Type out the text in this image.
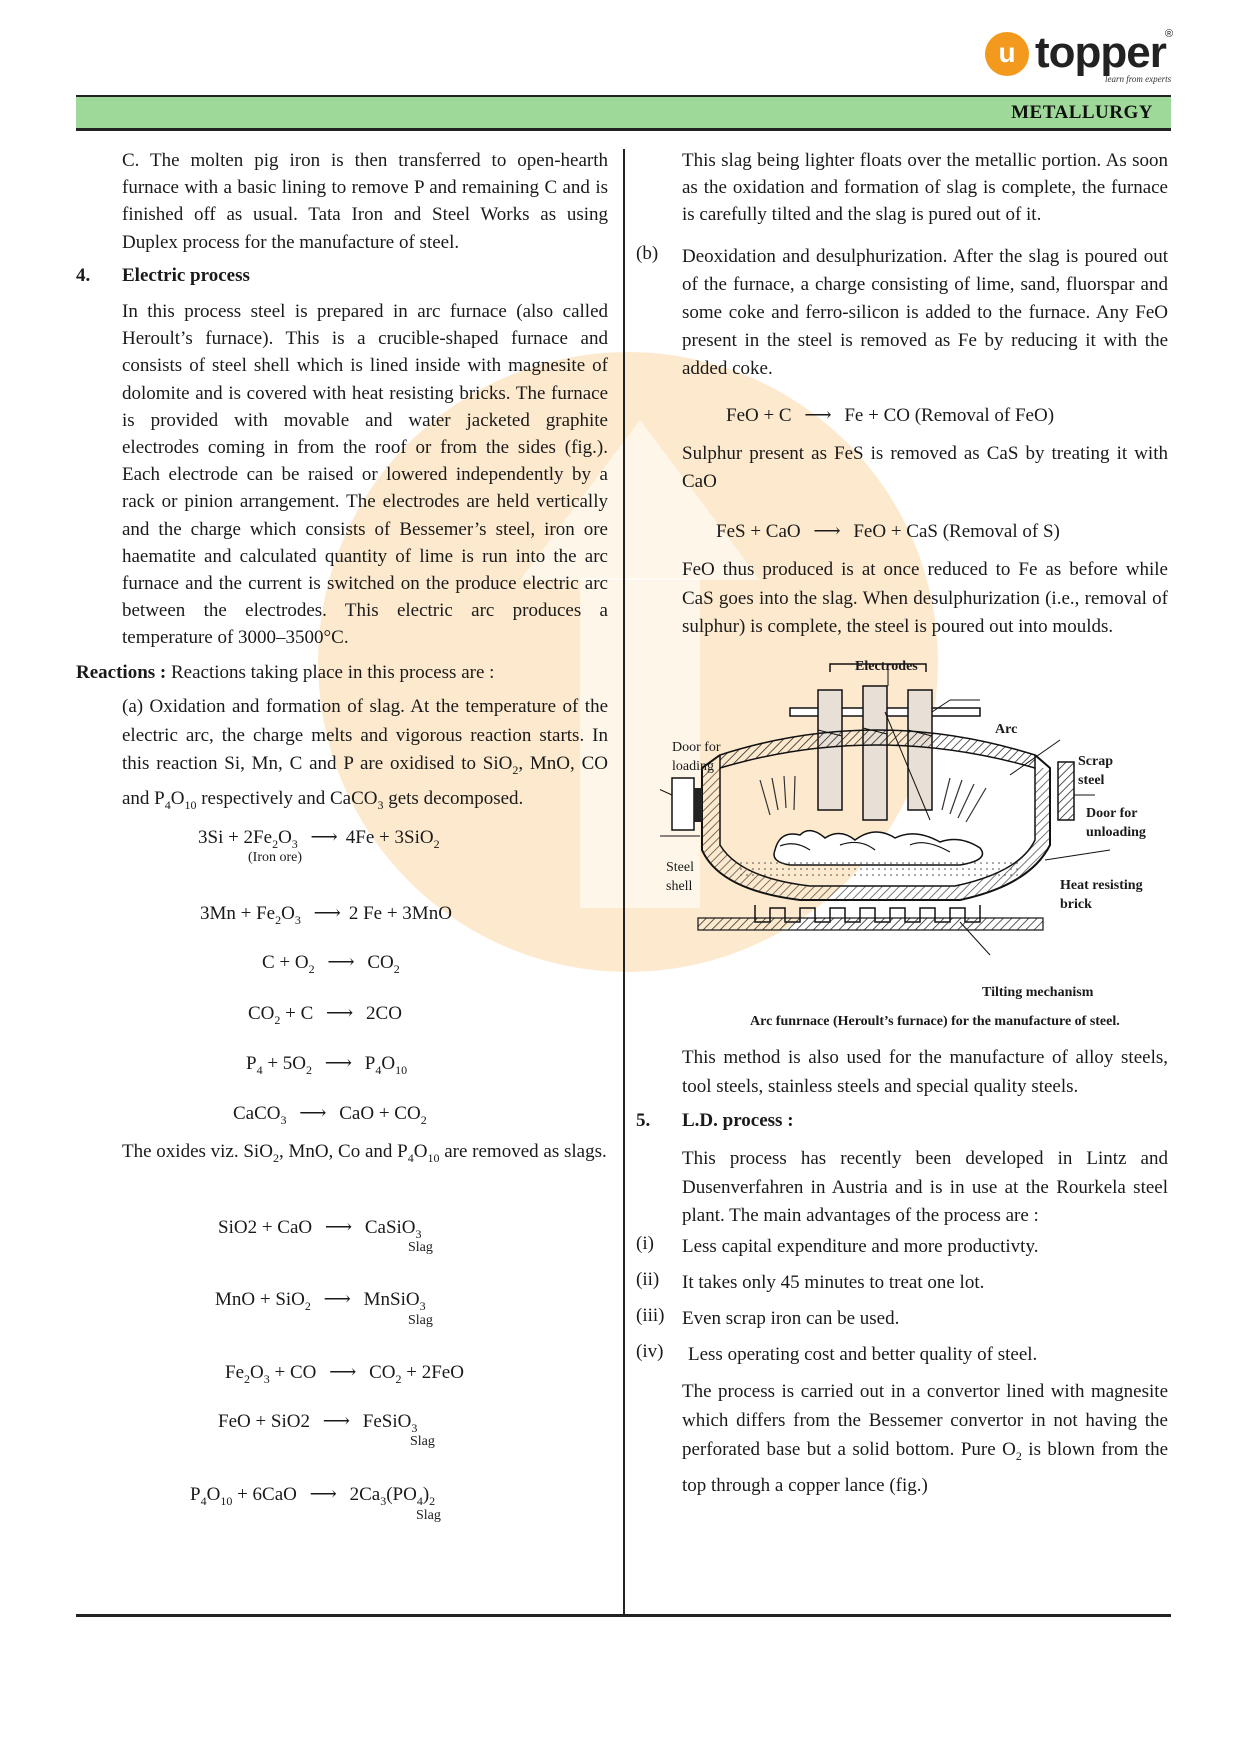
u topper ®
learn from experts
METALLURGY

C. The molten pig iron is then transferred to open-hearth furnace with a basic lining to remove P and remaining C and is finished off as usual. Tata Iron and Steel Works as using Duplex process for the manufacture of steel.

4. Electric process

In this process steel is prepared in arc furnace (also called Heroult’s furnace). This is a crucible-shaped furnace and consists of steel shell which is lined inside with magnesite of dolomite and is covered with heat resisting bricks. The furnace is provided with movable and water jacketed graphite electrodes coming in from the roof or from the sides (fig.). Each electrode can be raised or lowered independently by a rack or pinion arrangement. The electrodes are held vertically and the charge which consists of Bessemer’s steel, iron ore haematite and calculated quantity of lime is run into the arc furnace and the current is switched on the produce electric arc between the electrodes. This electric arc produces a temperature of 3000–3500°C.

Reactions : Reactions taking place in this process are :

(a) Oxidation and formation of slag. At the temperature of the electric arc, the charge melts and vigorous reaction starts. In this reaction Si, Mn, C and P are oxidised to SiO$_2$, MnO, CO and $P_4O_{10}$ respectively and CaCO$_3$ gets decomposed.

$3Si + 2Fe_2O_3$ ⟶ 4Fe + 3SiO$_2$
(Iron ore)
$3Mn + Fe_2O_3$ ⟶ 2 Fe + 3MnO
$C + O_2$ ⟶ $CO_2$
$CO_2 + C$ ⟶ 2CO
$P_4 + 5O_2$ ⟶ $P_4O_{10}$
CaCO$_3$ ⟶ CaO + $CO_2$

The oxides viz. SiO$_2$, MnO, Co and $P_4O_{10}$ are removed as slags.

SiO2 + CaO ⟶ CaSiO$_3$
Slag
MnO + SiO$_2$ ⟶ MnSiO$_3$
Slag
$Fe_2O_3$ + CO ⟶ $CO_2 + 2FeO$
FeO + SiO2 ⟶ FeSiO$_3$
Slag
$P_4O_{10} + 6CaO$ ⟶ $2Ca_3(PO_4)_2$
Slag

This slag being lighter floats over the metallic portion. As soon as the oxidation and formation of slag is complete, the furnace is carefully tilted and the slag is pured out of it.

(b) Deoxidation and desulphurization. After the slag is poured out of the furnace, a charge consisting of lime, sand, fluorspar and some coke and ferro-silicon is added to the furnace. Any FeO present in the steel is removed as Fe by reducing it with the added coke.

FeO + C ⟶ Fe + CO (Removal of FeO)

Sulphur present as FeS is removed as CaS by treating it with CaO

FeS + CaO ⟶ FeO + CaS (Removal of S)

FeO thus produced is at once reduced to Fe as before while CaS goes into the slag. When desulphurization (i.e., removal of sulphur) is complete, the steel is poured out into moulds.

Electrodes
Arc
Door for loading	Scrap steel
Door for unloading
Steel shell	Heat resisting brick
Tilting mechanism
Arc funrnace (Heroult’s furnace) for the manufacture of steel.

This method is also used for the manufacture of alloy steels, tool steels, stainless steels and special quality steels.

5. L.D. process :

This process has recently been developed in Lintz and Dusenverfahren in Austria and is in use at the Rourkela steel plant. The main advantages of the process are :

(i) Less capital expenditure and more productivty.
(ii) It takes only 45 minutes to treat one lot.
(iii) Even scrap iron can be used.
(iv) Less operating cost and better quality of steel.

The process is carried out in a convertor lined with magnesite which differs from the Bessemer convertor in not having the perforated base but a solid bottom. Pure $O_2$ is blown from the top through a copper lance (fig.)
